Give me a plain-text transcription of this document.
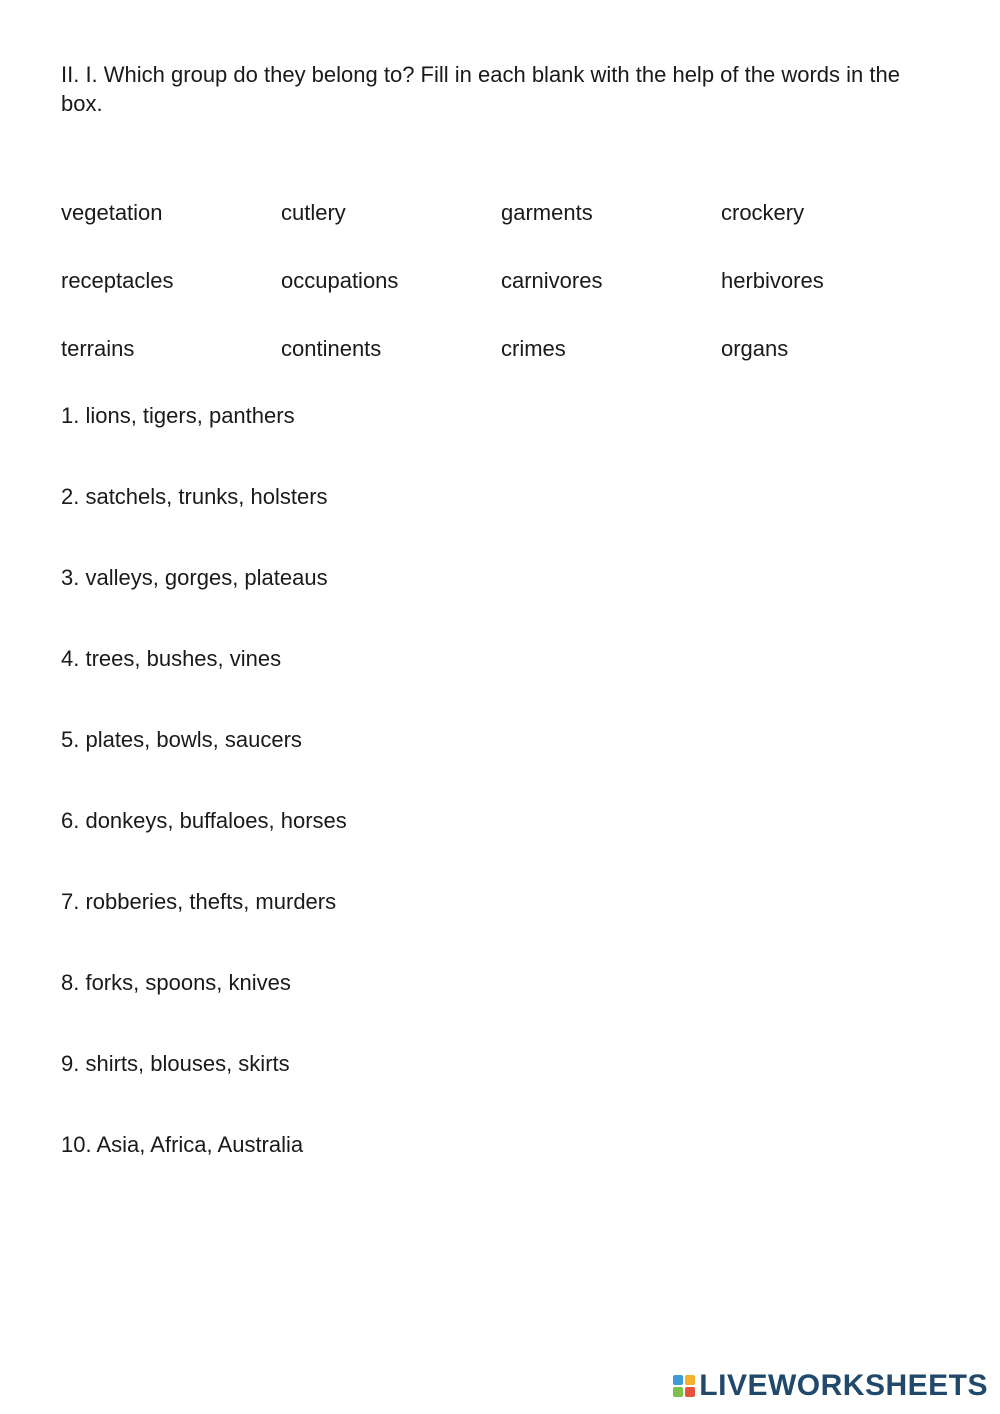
II. I. Which group do they belong to? Fill in each blank with the help of the words in the box.

vegetation	cutlery	garments	crockery
receptacles	occupations	carnivores	herbivores
terrains	continents	crimes	organs
1. lions, tigers, panthers
2. satchels, trunks, holsters
3. valleys, gorges, plateaus
4. trees, bushes, vines
5. plates, bowls, saucers
6. donkeys, buffaloes, horses
7. robberies, thefts, murders
8. forks, spoons, knives
9. shirts, blouses, skirts
10. Asia, Africa, Australia
LIVEWORKSHEETS
